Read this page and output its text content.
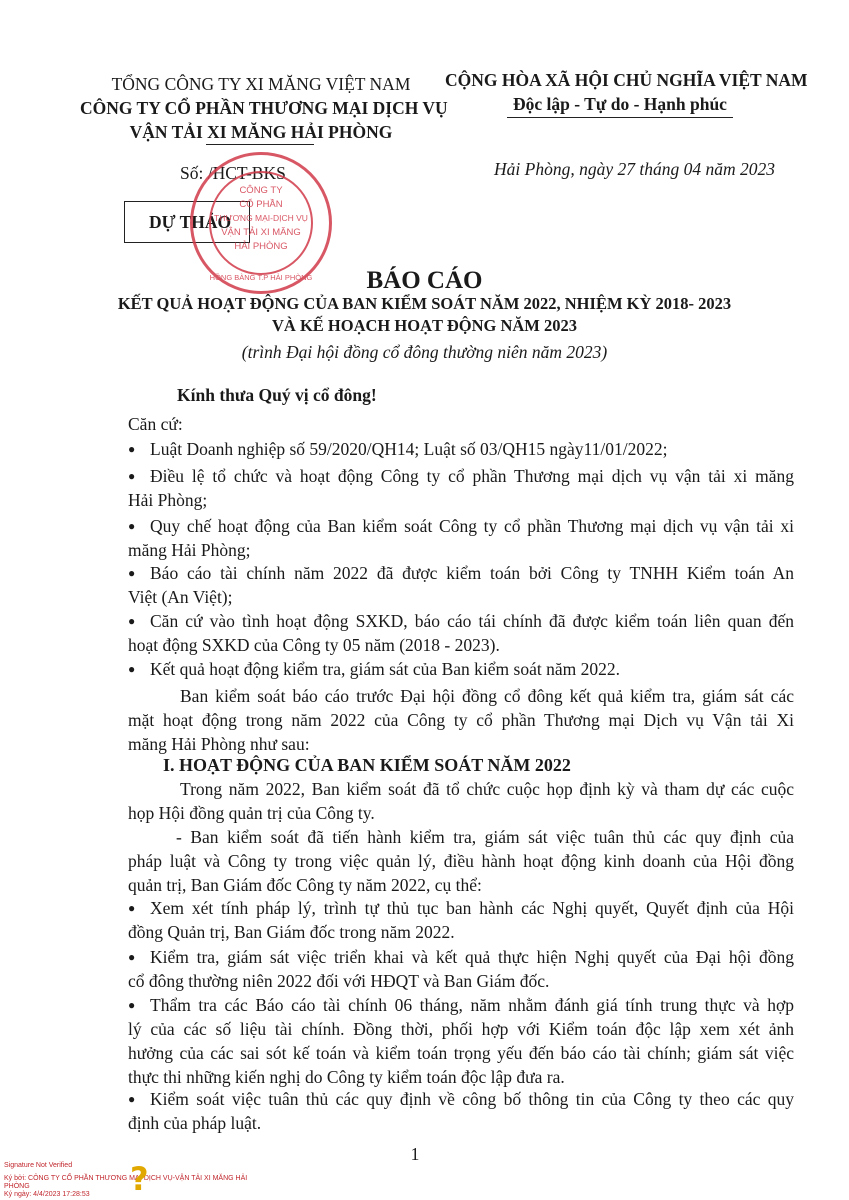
TỔNG CÔNG TY XI MĂNG VIỆT NAM
CÔNG TY CỔ PHẦN THƯƠNG MẠI DỊCH VỤ
VẬN TẢI XI MĂNG HẢI PHÒNG
CỘNG HÒA XÃ HỘI CHỦ NGHĨA VIỆT NAM
Độc lập - Tự do - Hạnh phúc
Số: /HCT-BKS	Hải Phòng, ngày 27 tháng 04 năm 2023
DỰ THẢO
CÔNG TY
CỔ PHẦN
THƯƠNG MẠI-DỊCH VỤ
VẬN TẢI XI MĂNG
HẢI PHÒNG
HỒNG BÀNG T.P HẢI PHÒNG	BÁO CÁO
KẾT QUẢ HOẠT ĐỘNG CỦA BAN KIỂM SOÁT NĂM 2022, NHIỆM KỲ 2018- 2023
VÀ KẾ HOẠCH HOẠT ĐỘNG NĂM 2023
(trình Đại hội đồng cổ đông thường niên năm 2023)
Kính thưa Quý vị cổ đông!
Căn cứ:
● Luật Doanh nghiệp số 59/2020/QH14; Luật số 03/QH15 ngày11/01/2022;
● Điều lệ tổ chức và hoạt động Công ty cổ phần Thương mại dịch vụ vận tải xi măng
Hải Phòng;
● Quy chế hoạt động của Ban kiểm soát Công ty cổ phần Thương mại dịch vụ vận tải xi
măng Hải Phòng;
● Báo cáo tài chính năm 2022 đã được kiểm toán bởi Công ty TNHH Kiểm toán An
Việt (An Việt);
● Căn cứ vào tình hoạt động SXKD, báo cáo tái chính đã được kiểm toán liên quan đến
hoạt động SXKD của Công ty 05 năm (2018 - 2023).
● Kết quả hoạt động kiểm tra, giám sát của Ban kiểm soát năm 2022.
Ban kiểm soát báo cáo trước Đại hội đồng cổ đông kết quả kiểm tra, giám sát các
mặt hoạt động trong năm 2022 của Công ty cổ phần Thương mại Dịch vụ Vận tải Xi
măng Hải Phòng như sau:
I. HOẠT ĐỘNG CỦA BAN KIỂM SOÁT NĂM 2022
Trong năm 2022, Ban kiểm soát đã tổ chức cuộc họp định kỳ và tham dự các cuộc
họp Hội đồng quản trị của Công ty.
- Ban kiểm soát đã tiến hành kiểm tra, giám sát việc tuân thủ các quy định của
pháp luật và Công ty trong việc quản lý, điều hành hoạt động kinh doanh của Hội đồng
quản trị, Ban Giám đốc Công ty năm 2022, cụ thể:
● Xem xét tính pháp lý, trình tự thủ tục ban hành các Nghị quyết, Quyết định của Hội
đồng Quản trị, Ban Giám đốc trong năm 2022.
● Kiểm tra, giám sát việc triển khai và kết quả thực hiện Nghị quyết của Đại hội đồng
cổ đông thường niên 2022 đối với HĐQT và Ban Giám đốc.
● Thẩm tra các Báo cáo tài chính 06 tháng, năm nhằm đánh giá tính trung thực và hợp
lý của các số liệu tài chính. Đồng thời, phối hợp với Kiểm toán độc lập xem xét ảnh
hưởng của các sai sót kế toán và kiểm toán trọng yếu đến báo cáo tài chính; giám sát việc
thực thi những kiến nghị do Công ty kiểm toán độc lập đưa ra.
● Kiểm soát việc tuân thủ các quy định về công bố thông tin của Công ty theo các quy
định của pháp luật.
1
Signature Not Verified
Ký bởi: CÔNG TY CỔ PHẦN THƯƠNG MẠI-DỊCH VỤ-VẬN TẢI XI MĂNG HẢI
PHÒNG
Ký ngày: 4/4/2023 17:28:53 ?
